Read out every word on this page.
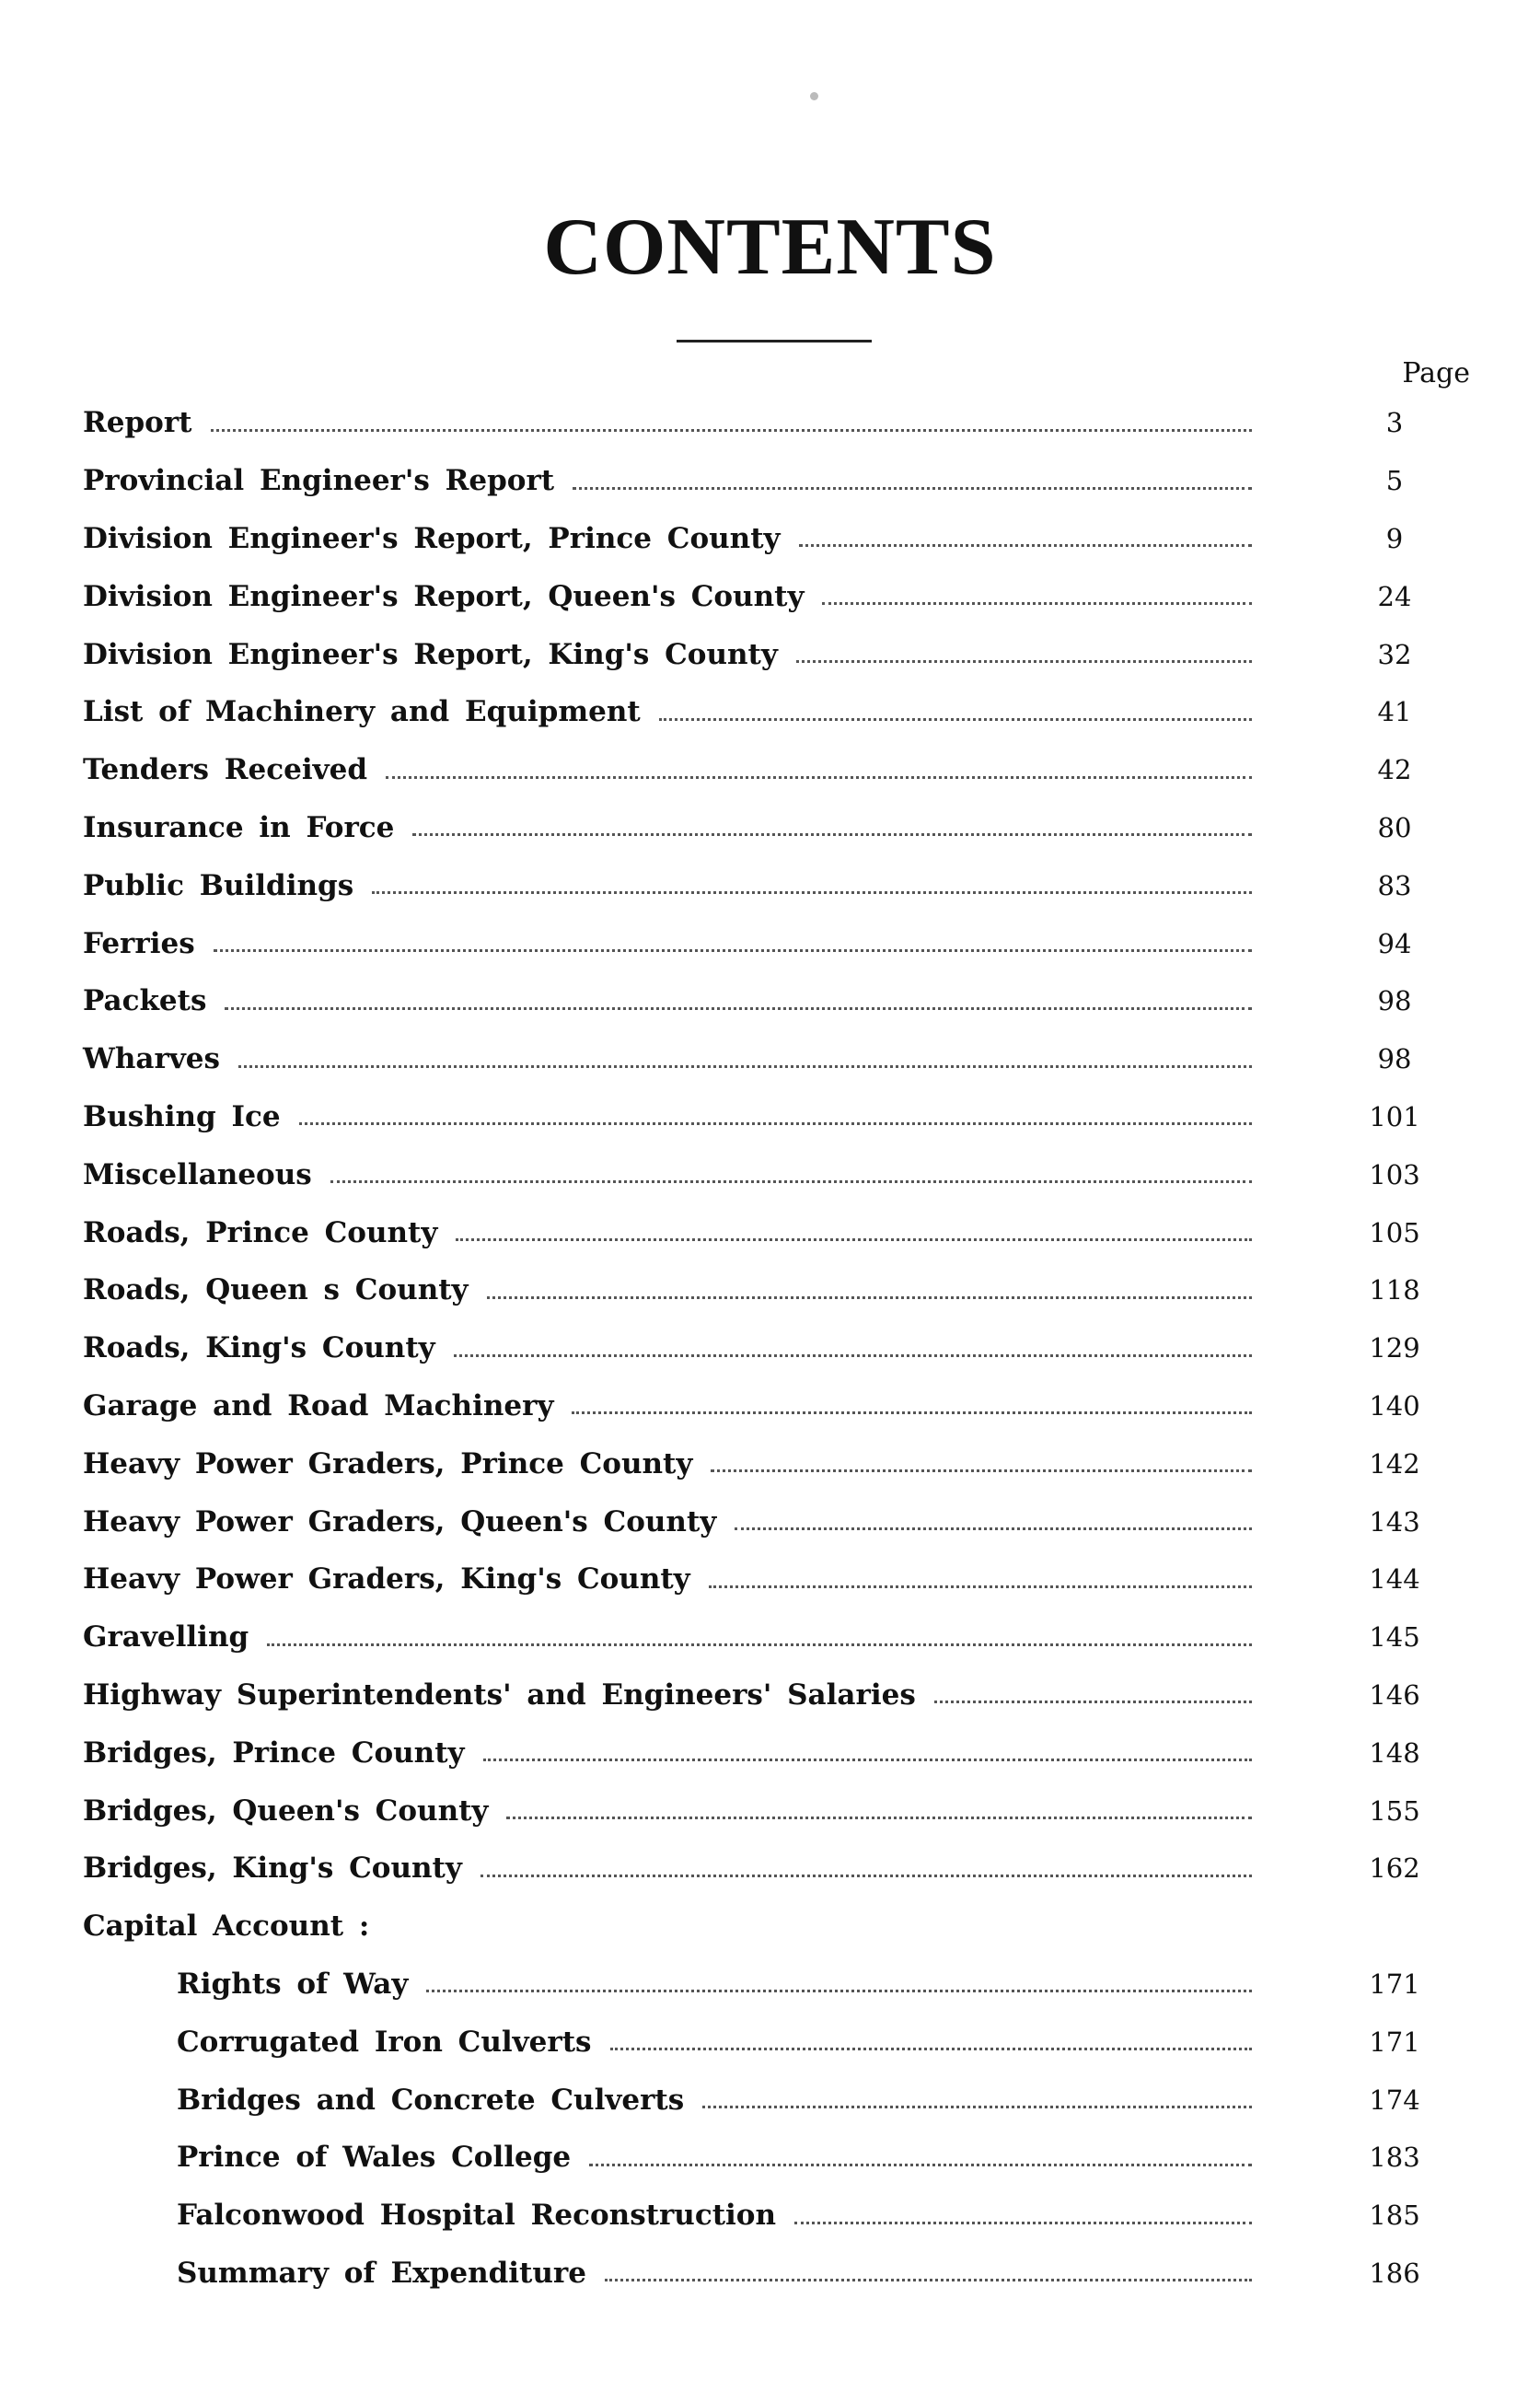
CONTENTS
Page
Report	3
Provincial Engineer's Report	5
Division Engineer's Report, Prince County	9
Division Engineer's Report, Queen's County	24
Division Engineer's Report, King's County	32
List of Machinery and Equipment	41
Tenders Received	42
Insurance in Force	80
Public Buildings	83
Ferries	94
Packets	98
Wharves	98
Bushing Ice	101
Miscellaneous	103
Roads, Prince County	105
Roads, Queen s County	118
Roads, King's County	129
Garage and Road Machinery	140
Heavy Power Graders, Prince County	142
Heavy Power Graders, Queen's County	143
Heavy Power Graders, King's County	144
Gravelling	145
Highway Superintendents' and Engineers' Salaries	146
Bridges, Prince County	148
Bridges, Queen's County	155
Bridges, King's County	162
Capital Account :
Rights of Way	171
Corrugated Iron Culverts	171
Bridges and Concrete Culverts	174
Prince of Wales College	183
Falconwood Hospital Reconstruction	185
Summary of Expenditure	186
